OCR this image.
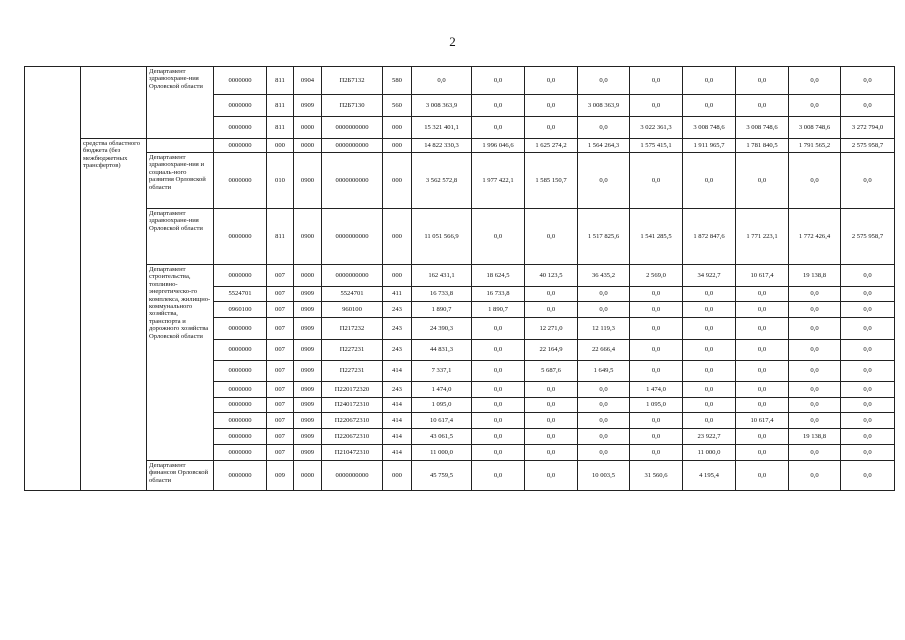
2
		Департамент здравоохране-ния Орловской области	0000000	811	0904	П2Б7132	580	0,0	0,0	0,0	0,0	0,0	0,0	0,0	0,0	0,0
			0000000	811	0909	П2Б7130	560	3 008 363,9	0,0	0,0	3 008 363,9	0,0	0,0	0,0	0,0	0,0
			0000000	811	0000	0000000000	000	15 321 401,1	0,0	0,0	0,0	3 022 361,3	3 008 748,6	3 008 748,6	3 008 748,6	3 272 794,0
	средства областного бюджета (без межбюджетных трансфертов)		0000000	000	0000	0000000000	000	14 822 330,3	1 996 046,6	1 625 274,2	1 564 264,3	1 575 415,1	1 911 965,7	1 781 840,5	1 791 565,2	2 575 958,7
		Департамент здравоохране-ния и социаль-ного развития Орловской области	0000000	010	0900	0000000000	000	3 562 572,8	1 977 422,1	1 585 150,7	0,0	0,0	0,0	0,0	0,0	0,0
		Департамент здравоохране-ния Орловской области	0000000	811	0900	0000000000	000	11 051 566,9	0,0	0,0	1 517 825,6	1 541 285,5	1 872 847,6	1 771 223,1	1 772 426,4	2 575 958,7
		Департамент строительства, топливно-энергетическо-го комплекса, жилищно-коммунального хозяйства, транспорта и дорожного хозяйства Орловской области	0000000	007	0000	0000000000	000	162 431,1	18 624,5	40 123,5	36 435,2	2 569,0	34 922,7	10 617,4	19 138,8	0,0
			5524701	007	0909	5524701	411	16 733,8	16 733,8	0,0	0,0	0,0	0,0	0,0	0,0	0,0
			0960100	007	0909	960100	243	1 890,7	1 890,7	0,0	0,0	0,0	0,0	0,0	0,0	0,0
			0000000	007	0909	П217232	243	24 390,3	0,0	12 271,0	12 119,3	0,0	0,0	0,0	0,0	0,0
			0000000	007	0909	П227231	243	44 831,3	0,0	22 164,9	22 666,4	0,0	0,0	0,0	0,0	0,0
			0000000	007	0909	П227231	414	7 337,1	0,0	5 687,6	1 649,5	0,0	0,0	0,0	0,0	0,0
			0000000	007	0909	П220172320	243	1 474,0	0,0	0,0	0,0	1 474,0	0,0	0,0	0,0	0,0
			0000000	007	0909	П240172310	414	1 095,0	0,0	0,0	0,0	1 095,0	0,0	0,0	0,0	0,0
			0000000	007	0909	П220672310	414	10 617,4	0,0	0,0	0,0	0,0	0,0	10 617,4	0,0	0,0
			0000000	007	0909	П220672310	414	43 061,5	0,0	0,0	0,0	0,0	23 922,7	0,0	19 138,8	0,0
			0000000	007	0909	П210472310	414	11 000,0	0,0	0,0	0,0	0,0	11 000,0	0,0	0,0	0,0
		Департамент финансов Орловской области	0000000	009	0000	0000000000	000	45 759,5	0,0	0,0	10 003,5	31 560,6	4 195,4	0,0	0,0	0,0
